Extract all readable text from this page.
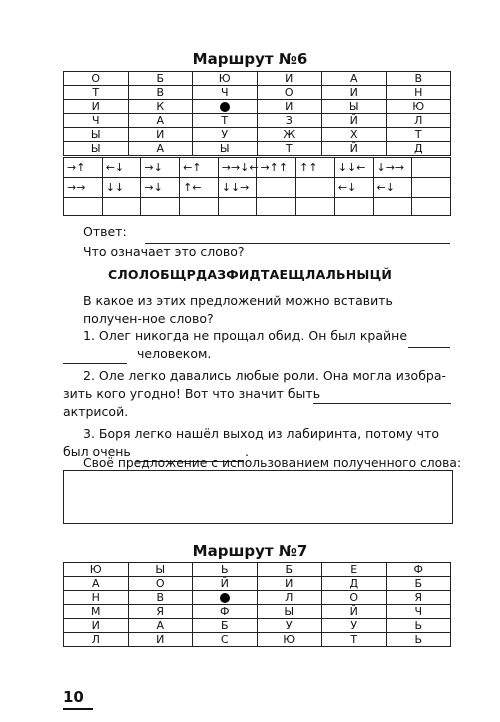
Маршрут №6
О	Б	Ю	И	А	В
Т	В	Ч	О	И	Н
И	К		И	Ы	Ю
Ч	А	Т	З	Й	Л
Ы	И	У	Ж	Х	Т
Ы	А	Ы	Т	Й	Д
→↑	←↓	→↓	←↑	→→↓←	→↑↑	↑↑	↓↓←	↓→→	
→→	↓↓	→↓	↑←	↓↓→			←↓	←↓	

Ответ:
Что означает это слово?
СЛОЛОБЩРДАЗФИДТАЕЩЛАЛЬНЫЦЙ
В какое из этих предложений можно вставить получен-ное слово?
1. Олег никогда не прощал обид. Он был крайне
человеком.
2. Оле легко давались любые роли. Она могла изобра-
зить кого угодно! Вот что значит быть
актрисой.
3. Боря легко нашёл выход из лабиринта, потому что
был очень	.
Своё предложение с использованием полученного слова:
Маршрут №7
Ю	Ы	Ь	Б	Е	Ф
А	О	Й	И	Д	Б
Н	В		Л	О	Я
М	Я	Ф	Ы	Й	Ч
И	А	Б	У	У	Ь
Л	И	С	Ю	Т	Ь
10
